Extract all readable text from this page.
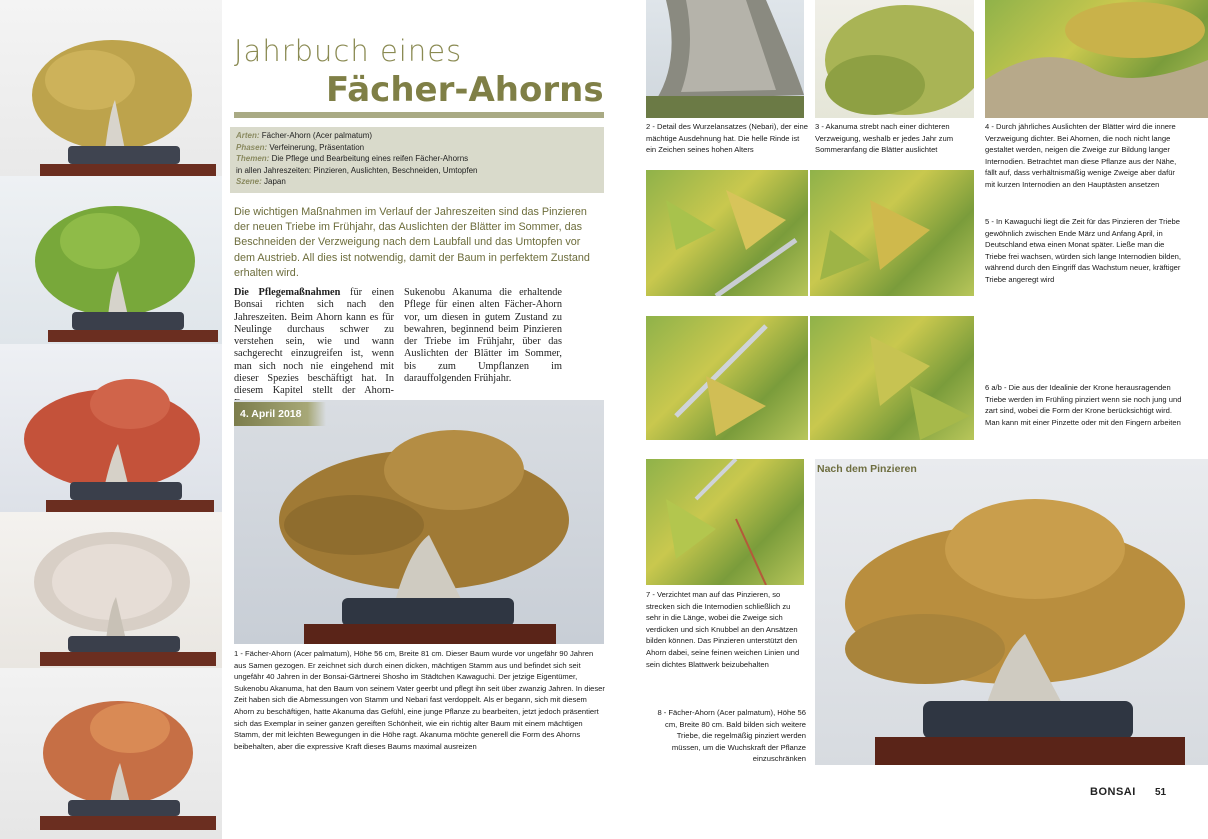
Jahrbuch eines
Fächer-Ahorns
Arten: Fächer-Ahorn (Acer palmatum)
Phasen: Verfeinerung, Präsentation
Themen: Die Pflege und Bearbeitung eines reifen Fächer-Ahorns
in allen Jahreszeiten: Pinzieren, Auslichten, Beschneiden, Umtopfen
Szene: Japan
Die wichtigen Maßnahmen im Verlauf der Jahreszeiten sind das Pinzieren der neuen Triebe im Frühjahr, das Auslichten der Blätter im Sommer, das Beschneiden der Verzweigung nach dem Laubfall und das Umtopfen vor dem Austrieb. All dies ist notwendig, damit der Baum in perfektem Zustand erhalten wird.
Die Pflegemaßnahmen für einen Bonsai richten sich nach den Jahreszeiten. Beim Ahorn kann es für Neulinge durchaus schwer zu verstehen sein, wie und wann sachgerecht einzugreifen ist, wenn man sich noch nie eingehend mit dieser Spezies beschäftigt hat. In diesem Kapitel stellt der Ahorn-
Sukenobu Akanuma die erhaltende Pflege für einen alten Fächer-Ahorn vor, um diesen in gutem Zustand zu bewahren, beginnend beim Pinzieren der Triebe im Frühjahr, über das Auslichten der Blätter im Sommer, bis zum Umpflanzen im darauffolgenden Frühjahr.
4. April 2018
1 - Fächer-Ahorn (Acer palmatum), Höhe 56 cm, Breite 81 cm. Dieser Baum wurde vor ungefähr 90 Jahren aus Samen gezogen. Er zeichnet sich durch einen dicken, mächtigen Stamm aus und befindet sich seit ungefähr 40 Jahren in der Bonsai-Gärtnerei Shosho im Städtchen Kawaguchi. Der jetzige Eigentümer, Sukenobu Akanuma, hat den Baum von seinem Vater geerbt und pflegt ihn seit über zwanzig Jahren. In dieser Zeit haben sich die Abmessungen von Stamm und Nebari fast verdoppelt. Als er begann, sich mit diesem Ahorn zu beschäftigen, hatte Akanuma das Gefühl, eine junge Pflanze zu bearbeiten, jetzt jedoch präsentiert sich das Exemplar in seiner ganzen gereiften Schönheit, wie ein richtig alter Baum mit einem mächtigen Stamm, der mit leichten Bewegungen in die Höhe ragt. Akanuma möchte generell die Form des Ahorns beibehalten, aber die expressive Kraft dieses Baums maximal ausreizen
2 - Detail des Wurzelansatzes (Nebari), der eine mächtige Ausdehnung hat. Die helle Rinde ist ein Zeichen seines hohen Alters
3 - Akanuma strebt nach einer dichteren Verzweigung, weshalb er jedes Jahr zum Sommeranfang die Blätter auslichtet
4 - Durch jährliches Auslichten der Blätter wird die innere Verzweigung dichter. Bei Ahornen, die noch nicht lange gestaltet werden, neigen die Zweige zur Bildung langer Internodien. Betrachtet man diese Pflanze aus der Nähe, fällt auf, dass verhältnismäßig wenige Zweige aber dafür mit kurzen Internodien an den Hauptästen ansetzen
5 - In Kawaguchi liegt die Zeit für das Pinzieren der Triebe gewöhnlich zwischen Ende März und Anfang April, in Deutschland etwa einen Monat später. Ließe man die Triebe frei wachsen, würden sich lange Internodien bilden, während durch den Eingriff das Wachstum neuer, kräftiger Triebe angeregt wird
6 a/b - Die aus der Idealinie der Krone herausragenden Triebe werden im Frühling pinziert wenn sie noch jung und zart sind, wobei die Form der Krone berücksichtigt wird. Man kann mit einer Pinzette oder mit den Fingern arbeiten
7 - Verzichtet man auf das Pinzieren, so strecken sich die Internodien schließlich zu sehr in die Länge, wobei die Zweige sich verdicken und sich Knubbel an den Ansätzen bilden können. Das Pinzieren unterstützt den Ahorn dabei, seine feinen weichen Linien und sein dichtes Blattwerk beizubehalten
8 - Fächer-Ahorn (Acer palmatum), Höhe 56 cm, Breite 80 cm. Bald bilden sich weitere Triebe, die regelmäßig pinziert werden müssen, um die Wuchskraft der Pflanze einzuschränken
Nach dem Pinzieren
BONSAI 51
